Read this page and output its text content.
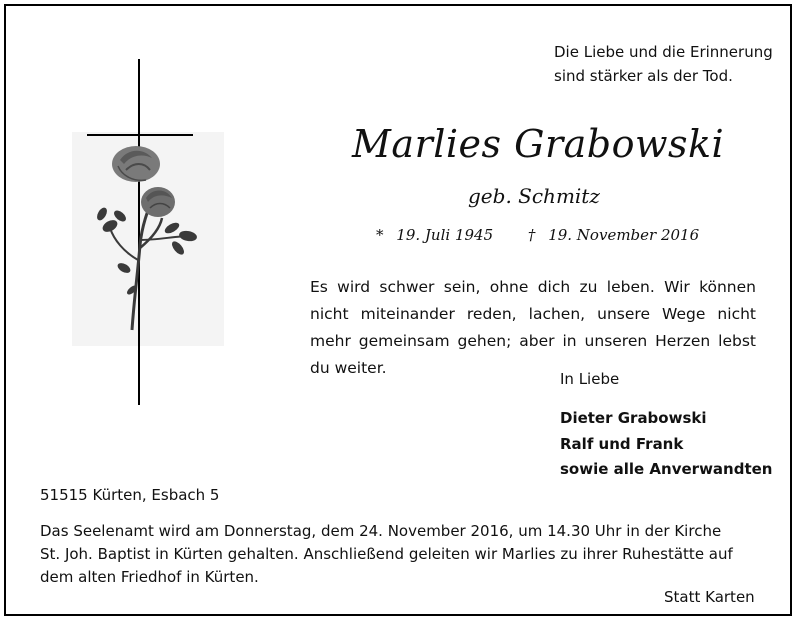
Die Liebe und die Erinnerung
sind stärker als der Tod.
Marlies Grabowski
geb. Schmitz
* 19. Juli 1945 † 19. November 2016
Es wird schwer sein, ohne dich zu leben. Wir können nicht miteinander reden, lachen, unsere Wege nicht mehr gemeinsam gehen; aber in unseren Herzen lebst du weiter.
In Liebe
Dieter Grabowski
Ralf und Frank
sowie alle Anverwandten
51515 Kürten, Esbach 5
Das Seelenamt wird am Donnerstag, dem 24. November 2016, um 14.30 Uhr in der Kirche
St. Joh. Baptist in Kürten gehalten. Anschließend geleiten wir Marlies zu ihrer Ruhestätte auf
dem alten Friedhof in Kürten.
Statt Karten
